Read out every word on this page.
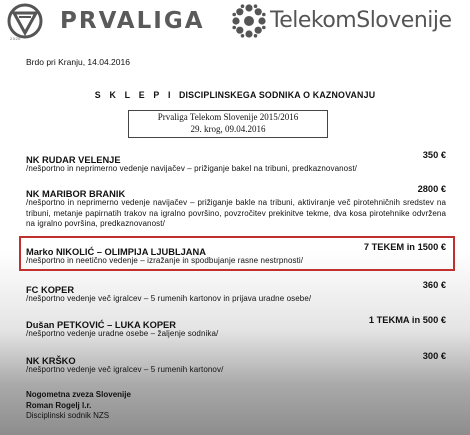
2020
PRVALIGA	TelekomSlovenije
Brdo pri Kranju, 14.04.2016
S K L E P I DISCIPLINSKEGA SODNIKA O KAZNOVANJU
Prvaliga Telekom Slovenije 2015/2016
29. krog, 09.04.2016
NK RUDAR VELENJE	350 €
/nešportno in neprimerno vedenje navijačev – prižiganje bakel na tribuni, predkaznovanost/
NK MARIBOR BRANIK	2800 €
/nešportno in neprimerno vedenje navijačev – prižiganje bakle na tribuni, aktiviranje več pirotehničnih sredstev na tribuni, metanje papirnatih trakov na igralno površino, povzročitev prekinitve tekme, dva kosa pirotehnike odvržena na igralno površina, predkaznovanost/
Marko NIKOLIĆ – OLIMPIJA LJUBLJANA	7 TEKEM in 1500 €
/nešportno in neetično vedenje – izražanje in spodbujanje rasne nestrpnosti/
FC KOPER	360 €
/nešportno vedenje več igralcev – 5 rumenih kartonov in prijava uradne osebe/
Dušan PETKOVIĆ – LUKA KOPER	1 TEKMA in 500 €
/nešportno vedenje uradne osebe – žaljenje sodnika/
NK KRŠKO	300 €
/nešportno vedenje več igralcev – 5 rumenih kartonov/
Nogometna zveza Slovenije
Roman Rogelj l.r.
Disciplinski sodnik NZS
